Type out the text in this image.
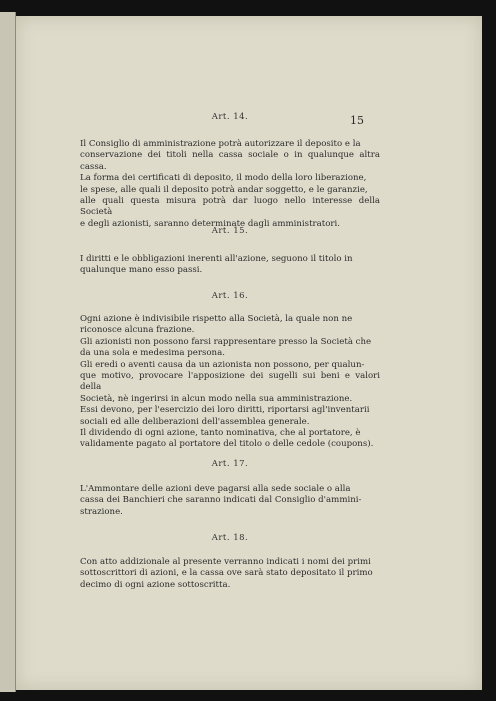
15
Art. 14.

Il Consiglio di amministrazione potrà autorizzare il deposito e la
conservazione dei titoli nella cassa sociale o in qualunque altra cassa.
La forma dei certificati di deposito, il modo della loro liberazione,
le spese, alle quali il deposito potrà andar soggetto, e le garanzie,
alle quali questa misura potrà dar luogo nello interesse della Società
e degli azionisti, saranno determinate dagli amministratori.

Art. 15.

I diritti e le obbligazioni inerenti all'azione, seguono il titolo in
qualunque mano esso passi.

Art. 16.

Ogni azione è indivisibile rispetto alla Società, la quale non ne
riconosce alcuna frazione.
Gli azionisti non possono farsi rappresentare presso la Società che
da una sola e medesima persona.
Gli eredi o aventi causa da un azionista non possono, per qualun-
que motivo, provocare l'apposizione dei sugelli sui beni e valori della
Società, nè ingerirsi in alcun modo nella sua amministrazione.
Essi devono, per l'esercizio dei loro diritti, riportarsi agl'inventarii
sociali ed alle deliberazioni dell'assemblea generale.
Il dividendo di ogni azione, tanto nominativa, che al portatore, è
validamente pagato al portatore del titolo o delle cedole (coupons).

Art. 17.

L'Ammontare delle azioni deve pagarsi alla sede sociale o alla
cassa dei Banchieri che saranno indicati dal Consiglio d'ammini-
strazione.

Art. 18.

Con atto addizionale al presente verranno indicati i nomi dei primi
sottoscrittori di azioni, e la cassa ove sarà stato depositato il primo
decimo di ogni azione sottoscritta.
